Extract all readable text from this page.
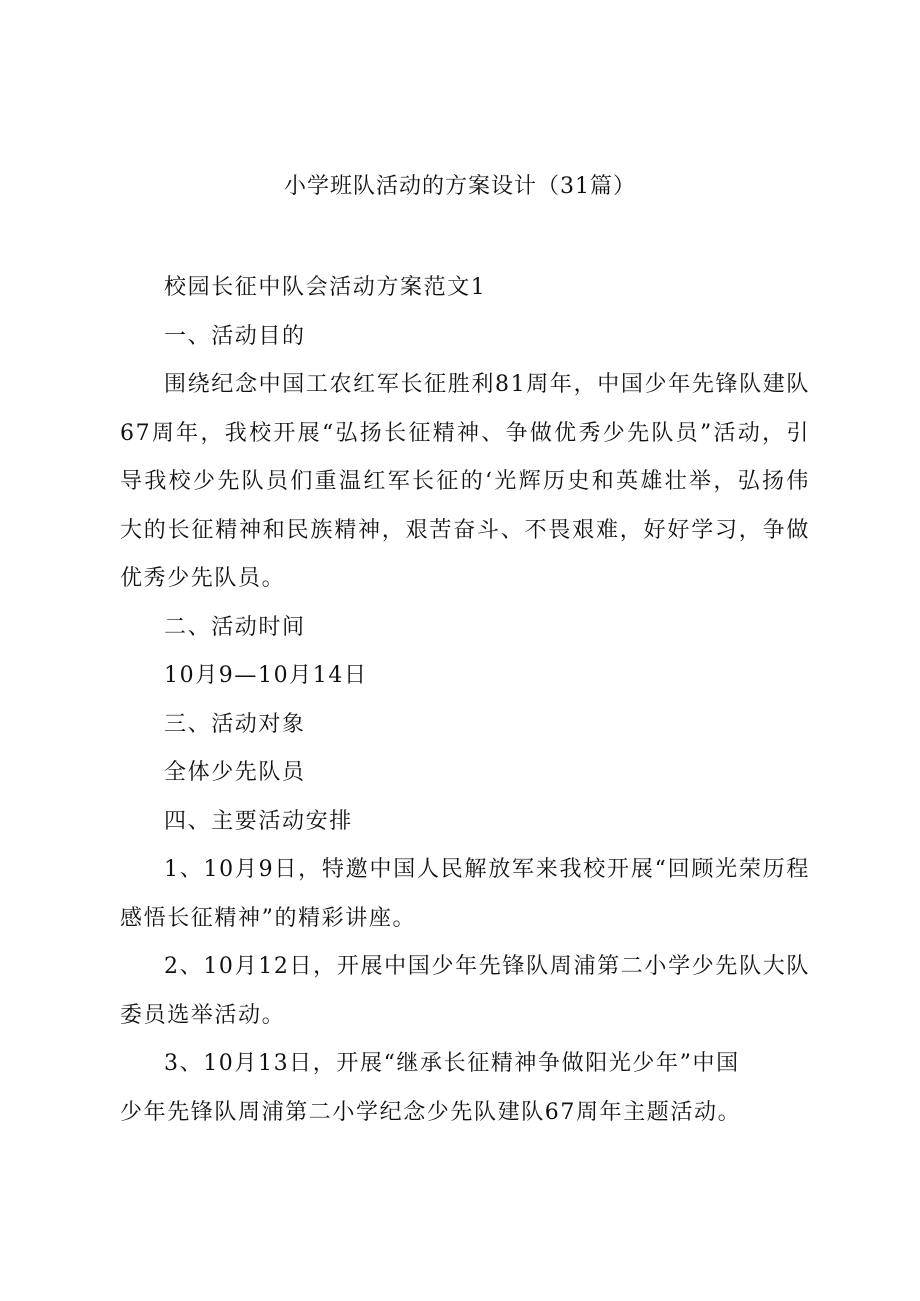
小学班队活动的方案设计（31篇）

校园长征中队会活动方案范文1

一、活动目的

围绕纪念中国工农红军长征胜利81周年，中国少年先锋队建队67周年，我校开展“弘扬长征精神、争做优秀少先队员”活动，引导我校少先队员们重温红军长征的‘光辉历史和英雄壮举，弘扬伟大的长征精神和民族精神，艰苦奋斗、不畏艰难，好好学习，争做优秀少先队员。

二、活动时间

10月9—10月14日

三、活动对象

全体少先队员

四、主要活动安排

1、10月9日，特邀中国人民解放军来我校开展“回顾光荣历程感悟长征精神”的精彩讲座。

2、10月12日，开展中国少年先锋队周浦第二小学少先队大队委员选举活动。

3、10月13日，开展“继承长征精神争做阳光少年”中国

少年先锋队周浦第二小学纪念少先队建队67周年主题活动。
